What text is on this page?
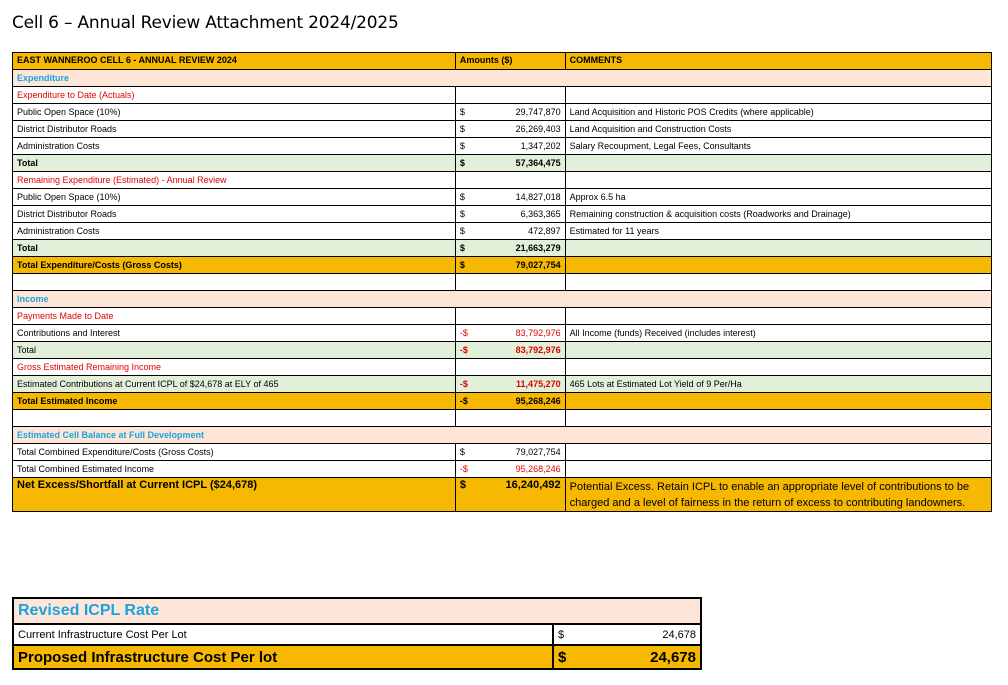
Cell 6 – Annual Review Attachment 2024/2025
EAST WANNEROO CELL 6 - ANNUAL REVIEW 2024	Amounts ($)	COMMENTS
Expenditure		
Expenditure to Date (Actuals)		
Public Open Space (10%)	$ 29,747,870	Land Acquisition and Historic POS Credits (where applicable)
District Distributor Roads	$ 26,269,403	Land Acquisition and Construction Costs
Administration Costs	$ 1,347,202	Salary Recoupment, Legal Fees, Consultants
Total	$ 57,364,475	

Remaining Expenditure (Estimated) - Annual Review		
Public Open Space (10%)	$ 14,827,018	Approx 6.5 ha
District Distributor Roads	$ 6,363,365	Remaining construction & acquisition costs (Roadworks and Drainage)
Administration Costs	$ 472,897	Estimated for 11 years
Total	$ 21,663,279	

Total Expenditure/Costs (Gross Costs)	$ 79,027,754	

Income		
Payments Made to Date		
Contributions and Interest	-$ 83,792,976	All Income (funds) Received (includes interest)
Total	-$ 83,792,976	

Gross Estimated Remaining Income		
Estimated Contributions at Current ICPL of $24,678 at ELY of 465	-$ 11,475,270	465 Lots at Estimated Lot Yield of 9 Per/Ha
Total Estimated Income	-$ 95,268,246	

Estimated Cell Balance at Full Development		
Total Combined Expenditure/Costs (Gross Costs)	$ 79,027,754	

Total Combined Estimated Income	-$ 95,268,246	

Net Excess/Shortfall at Current ICPL ($24,678)	$ 16,240,492	Potential Excess. Retain ICPL to enable an appropriate level of contributions to be charged and a level of fairness in the return of excess to contributing landowners.
Revised ICPL Rate	
Current Infrastructure Cost Per Lot	$ 24,678

Proposed Infrastructure Cost Per lot	$ 24,678
